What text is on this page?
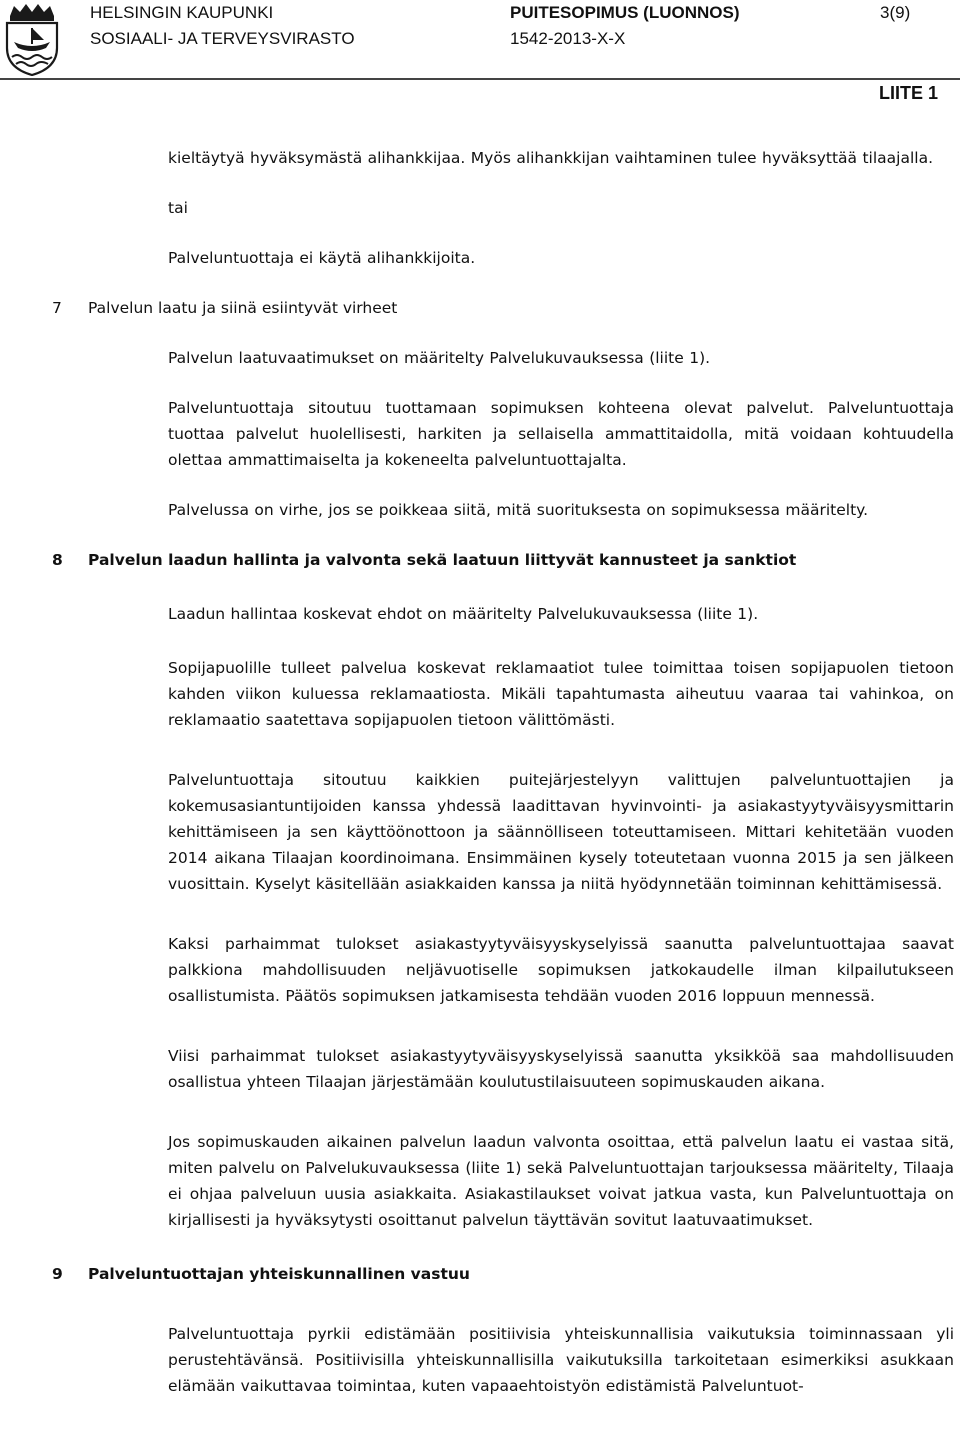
HELSINGIN KAUPUNKI
SOSIAALI- JA TERVEYSVIRASTO
PUITESOPIMUS (LUONNOS)
1542-2013-X-X
3(9)
LIITE 1

kieltäytyä hyväksymästä alihankkijaa. Myös alihankkijan vaihtaminen tulee hyväksyttää tilaajalla.

tai

Palveluntuottaja ei käytä alihankkijoita.

7 Palvelun laatu ja siinä esiintyvät virheet

Palvelun laatuvaatimukset on määritelty Palvelukuvauksessa (liite 1).

Palveluntuottaja sitoutuu tuottamaan sopimuksen kohteena olevat palvelut. Palveluntuottaja tuottaa palvelut huolellisesti, harkiten ja sellaisella ammattitaidolla, mitä voidaan kohtuudella olettaa ammattimaiselta ja kokeneelta palveluntuottajalta.

Palvelussa on virhe, jos se poikkeaa siitä, mitä suorituksesta on sopimuksessa määritelty.

8 Palvelun laadun hallinta ja valvonta sekä laatuun liittyvät kannusteet ja sanktiot

Laadun hallintaa koskevat ehdot on määritelty Palvelukuvauksessa (liite 1).

Sopijapuolille tulleet palvelua koskevat reklamaatiot tulee toimittaa toisen sopijapuolen tietoon kahden viikon kuluessa reklamaatiosta. Mikäli tapahtumasta aiheutuu vaaraa tai vahinkoa, on reklamaatio saatettava sopijapuolen tietoon välittömästi.

Palveluntuottaja sitoutuu kaikkien puitejärjestelyyn valittujen palveluntuottajien ja kokemusasiantuntijoiden kanssa yhdessä laadittavan hyvinvointi- ja asiakastyytyväisyysmittarin kehittämiseen ja sen käyttöönottoon ja säännölliseen toteuttamiseen. Mittari kehitetään vuoden 2014 aikana Tilaajan koordinoimana. Ensimmäinen kysely toteutetaan vuonna 2015 ja sen jälkeen vuosittain. Kyselyt käsitellään asiakkaiden kanssa ja niitä hyödynnetään toiminnan kehittämisessä.

Kaksi parhaimmat tulokset asiakastyytyväisyyskyselyissä saanutta palveluntuottajaa saavat palkkiona mahdollisuuden neljävuotiselle sopimuksen jatkokaudelle ilman kilpailutukseen osallistumista. Päätös sopimuksen jatkamisesta tehdään vuoden 2016 loppuun mennessä.

Viisi parhaimmat tulokset asiakastyytyväisyyskyselyissä saanutta yksikköä saa mahdollisuuden osallistua yhteen Tilaajan järjestämään koulutustilaisuuteen sopimuskauden aikana.

Jos sopimuskauden aikainen palvelun laadun valvonta osoittaa, että palvelun laatu ei vastaa sitä, miten palvelu on Palvelukuvauksessa (liite 1) sekä Palveluntuottajan tarjouksessa määritelty, Tilaaja ei ohjaa palveluun uusia asiakkaita. Asiakastilaukset voivat jatkua vasta, kun Palveluntuottaja on kirjallisesti ja hyväksytysti osoittanut palvelun täyttävän sovitut laatuvaatimukset.

9 Palveluntuottajan yhteiskunnallinen vastuu

Palveluntuottaja pyrkii edistämään positiivisia yhteiskunnallisia vaikutuksia toiminnassaan yli perustehtävänsä. Positiivisilla yhteiskunnallisilla vaikutuksilla tarkoitetaan esimerkiksi asukkaan elämään vaikuttavaa toimintaa, kuten vapaaehtoistyön edistämistä Palveluntuot-
